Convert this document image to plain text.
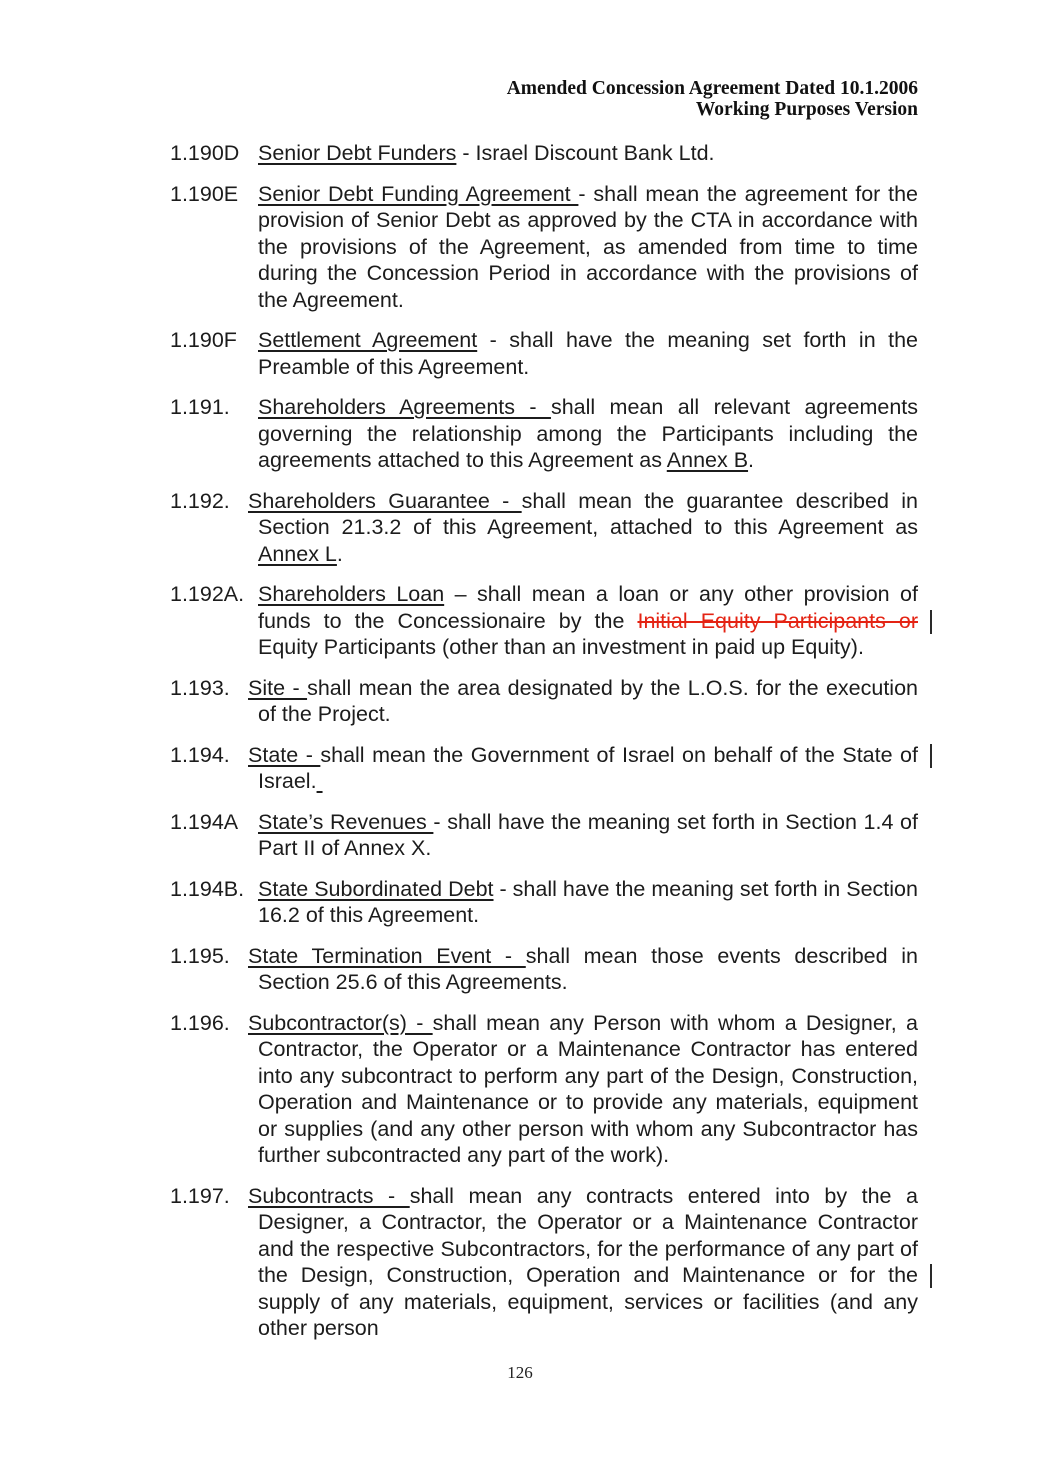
Amended Concession Agreement Dated 10.1.2006
Working Purposes Version
1.190D Senior Debt Funders - Israel Discount Bank Ltd.
1.190E Senior Debt Funding Agreement - shall mean the agreement for the provision of Senior Debt as approved by the CTA in accordance with the provisions of the Agreement, as amended from time to time during the Concession Period in accordance with the provisions of the Agreement.
1.190F Settlement Agreement - shall have the meaning set forth in the Preamble of this Agreement.
1.191. Shareholders Agreements - shall mean all relevant agreements governing the relationship among the Participants including the agreements attached to this Agreement as Annex B.
1.192. Shareholders Guarantee - shall mean the guarantee described in Section 21.3.2 of this Agreement, attached to this Agreement as Annex L.
1.192A. Shareholders Loan – shall mean a loan or any other provision of funds to the Concessionaire by the Initial Equity Participants or Equity Participants (other than an investment in paid up Equity).
1.193. Site - shall mean the area designated by the L.O.S. for the execution of the Project.
1.194. State - shall mean the Government of Israel on behalf of the State of Israel.
1.194A State’s Revenues - shall have the meaning set forth in Section 1.4 of Part II of Annex X.
1.194B. State Subordinated Debt - shall have the meaning set forth in Section 16.2 of this Agreement.
1.195. State Termination Event - shall mean those events described in Section 25.6 of this Agreements.
1.196. Subcontractor(s) - shall mean any Person with whom a Designer, a Contractor, the Operator or a Maintenance Contractor has entered into any subcontract to perform any part of the Design, Construction, Operation and Maintenance or to provide any materials, equipment or supplies (and any other person with whom any Subcontractor has further subcontracted any part of the work).
1.197. Subcontracts - shall mean any contracts entered into by the a Designer, a Contractor, the Operator or a Maintenance Contractor and the respective Subcontractors, for the performance of any part of the Design, Construction, Operation and Maintenance or for the supply of any materials, equipment, services or facilities (and any other person
126
